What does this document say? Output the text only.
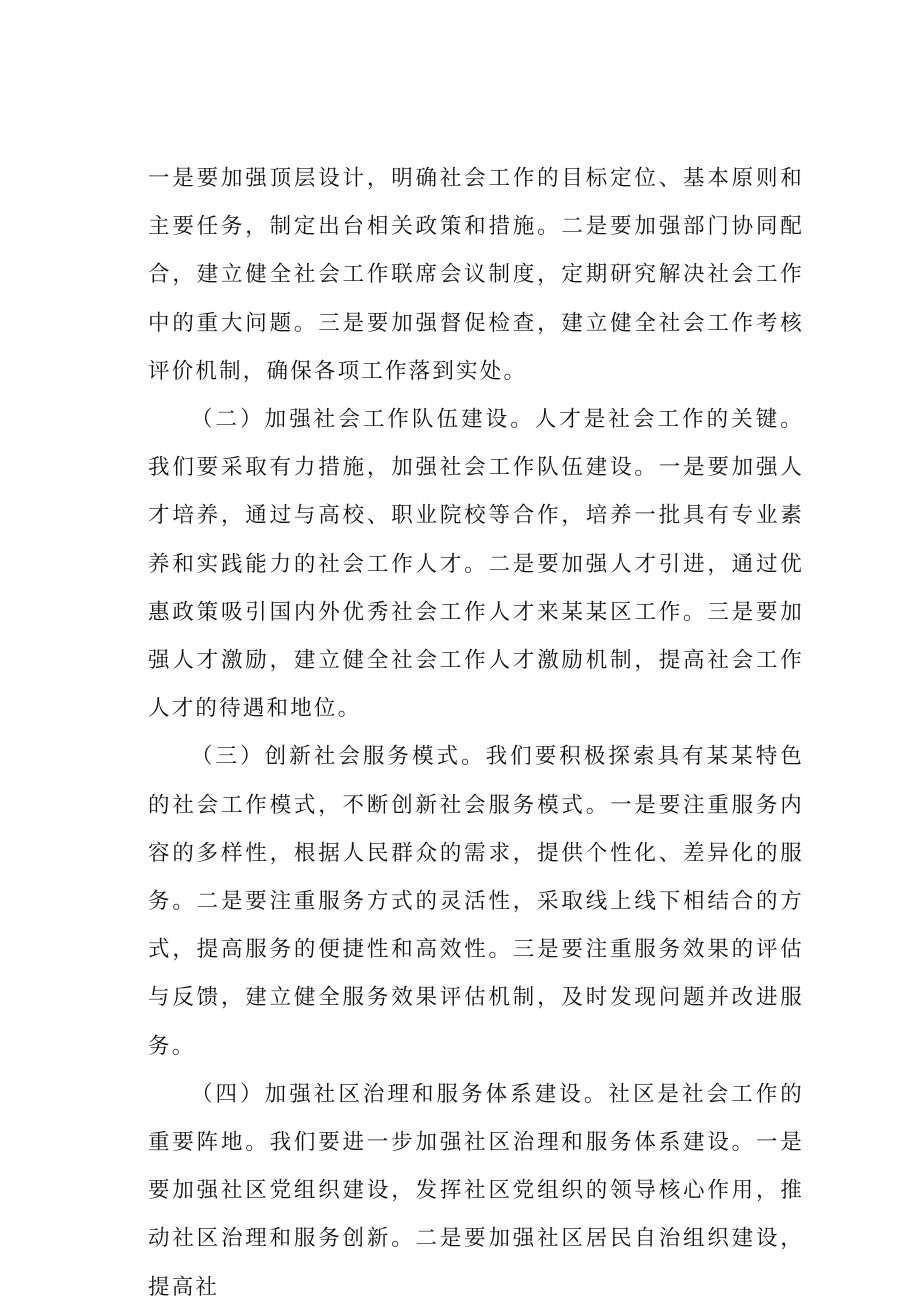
一是要加强顶层设计，明确社会工作的目标定位、基本原则和主要任务，制定出台相关政策和措施。二是要加强部门协同配合，建立健全社会工作联席会议制度，定期研究解决社会工作中的重大问题。三是要加强督促检查，建立健全社会工作考核评价机制，确保各项工作落到实处。

（二）加强社会工作队伍建设。人才是社会工作的关键。我们要采取有力措施，加强社会工作队伍建设。一是要加强人才培养，通过与高校、职业院校等合作，培养一批具有专业素养和实践能力的社会工作人才。二是要加强人才引进，通过优惠政策吸引国内外优秀社会工作人才来某某区工作。三是要加强人才激励，建立健全社会工作人才激励机制，提高社会工作人才的待遇和地位。

（三）创新社会服务模式。我们要积极探索具有某某特色的社会工作模式，不断创新社会服务模式。一是要注重服务内容的多样性，根据人民群众的需求，提供个性化、差异化的服务。二是要注重服务方式的灵活性，采取线上线下相结合的方式，提高服务的便捷性和高效性。三是要注重服务效果的评估与反馈，建立健全服务效果评估机制，及时发现问题并改进服务。

（四）加强社区治理和服务体系建设。社区是社会工作的重要阵地。我们要进一步加强社区治理和服务体系建设。一是要加强社区党组织建设，发挥社区党组织的领导核心作用，推动社区治理和服务创新。二是要加强社区居民自治组织建设，提高社
